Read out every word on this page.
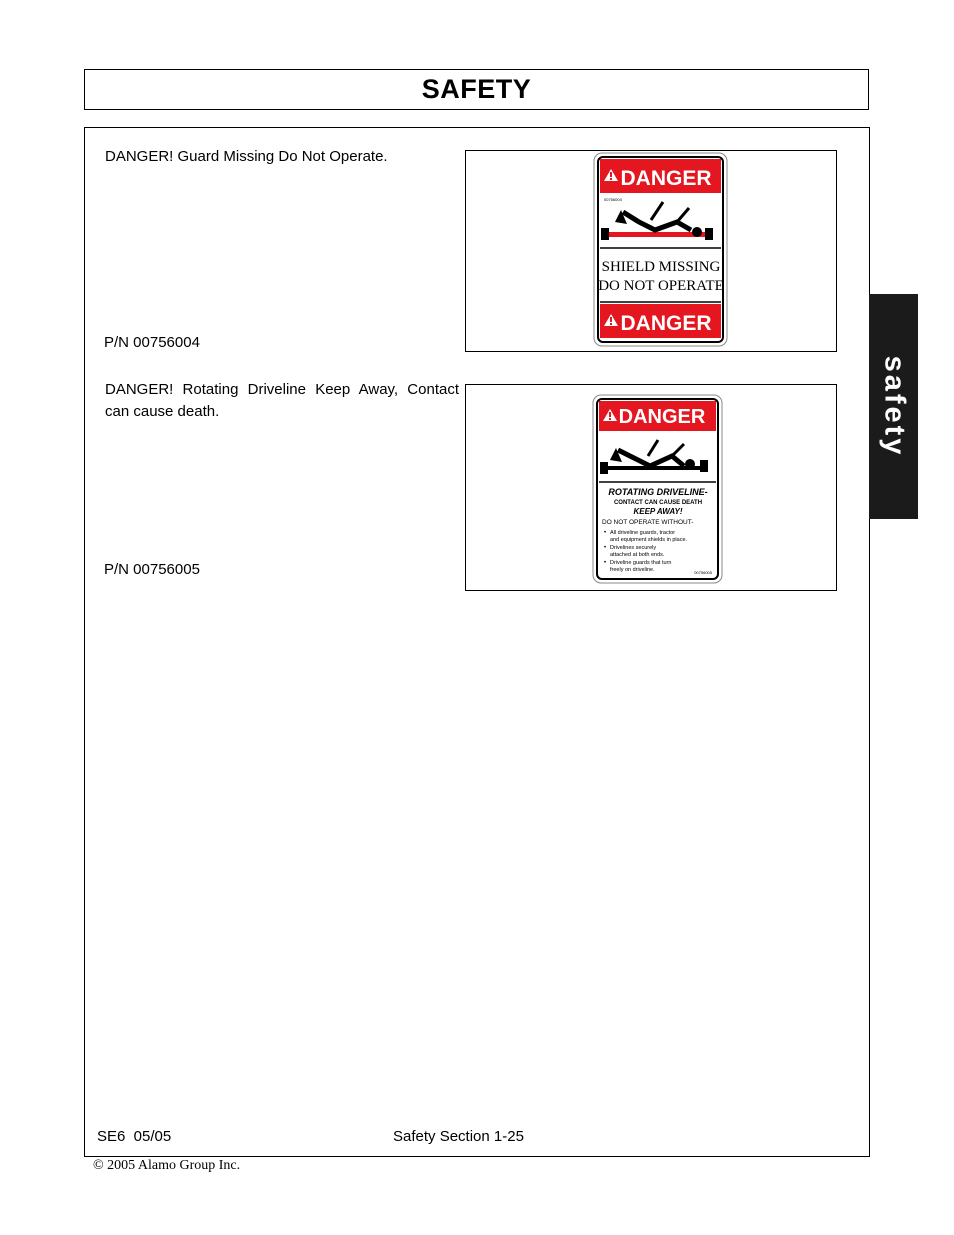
SAFETY
safety
DANGER! Guard Missing Do Not Operate.
P/N 00756004
DANGER
00756004
SHIELD MISSING
DO NOT OPERATE
DANGER
DANGER! Rotating Driveline Keep Away, Contact can cause death.
P/N 00756005
DANGER
ROTATING DRIVELINE-
CONTACT CAN CAUSE DEATH
KEEP AWAY!
DO NOT OPERATE WITHOUT-
• All driveline guards, tractor
and equipment shields in place.
• Drivelines securely
attached at both ends.
• Driveline guards that turn
freely on driveline.	00756005
SE6  05/05	Safety Section 1-25
© 2005 Alamo Group Inc.
